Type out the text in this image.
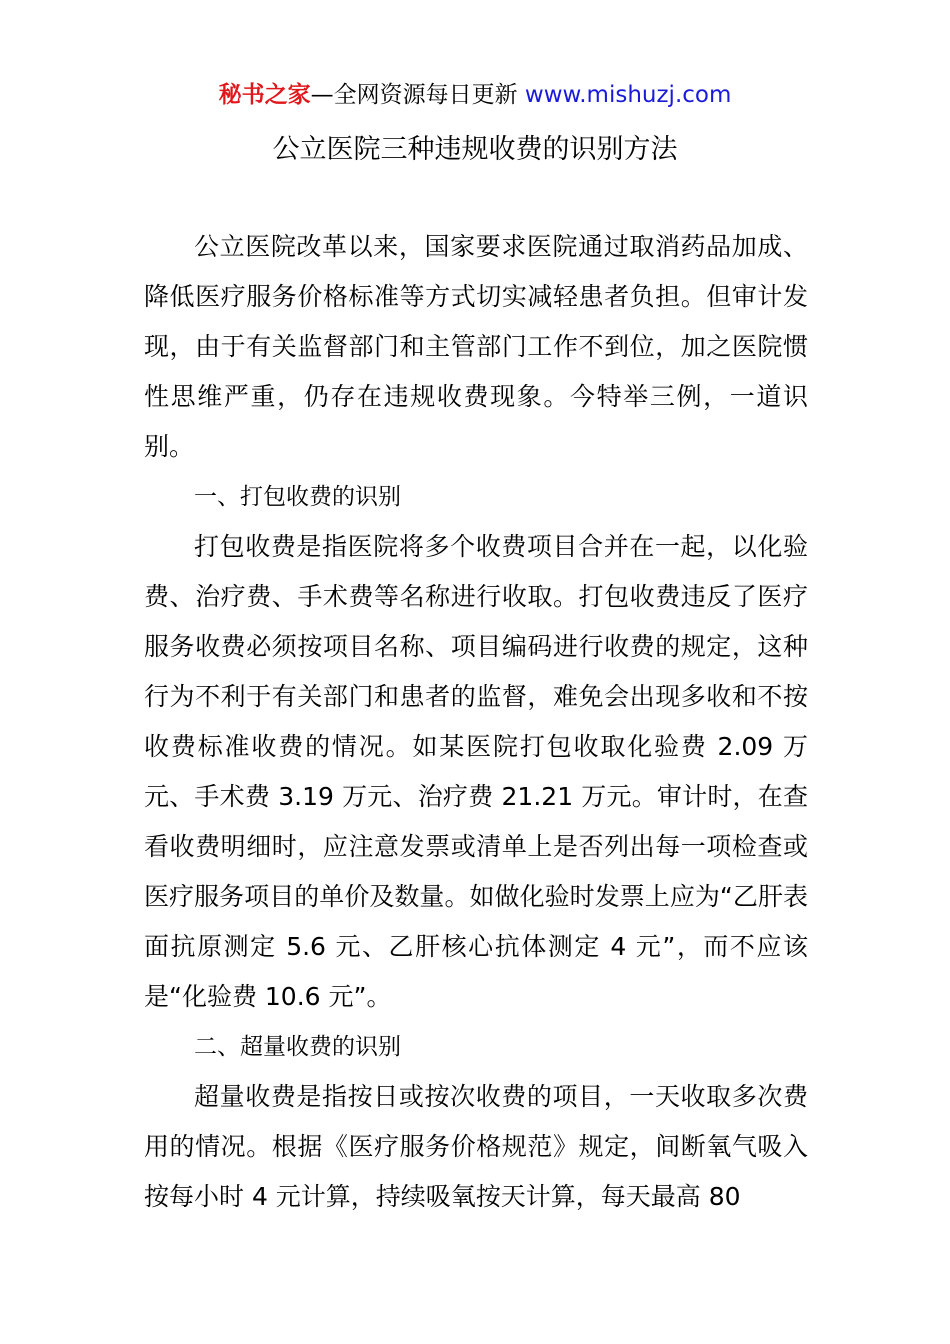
秘书之家—全网资源每日更新 www.mishuzj.com
公立医院三种违规收费的识别方法

公立医院改革以来，国家要求医院通过取消药品加成、降低医疗服务价格标准等方式切实减轻患者负担。但审计发现，由于有关监督部门和主管部门工作不到位，加之医院惯性思维严重，仍存在违规收费现象。今特举三例，一道识别。

一、打包收费的识别

打包收费是指医院将多个收费项目合并在一起，以化验费、治疗费、手术费等名称进行收取。打包收费违反了医疗服务收费必须按项目名称、项目编码进行收费的规定，这种行为不利于有关部门和患者的监督，难免会出现多收和不按收费标准收费的情况。如某医院打包收取化验费 2.09 万元、手术费 3.19 万元、治疗费 21.21 万元。审计时，在查看收费明细时，应注意发票或清单上是否列出每一项检查或医疗服务项目的单价及数量。如做化验时发票上应为“乙肝表面抗原测定 5.6 元、乙肝核心抗体测定 4 元”，而不应该是“化验费 10.6 元”。

二、超量收费的识别

超量收费是指按日或按次收费的项目，一天收取多次费用的情况。根据《医疗服务价格规范》规定，间断氧气吸入按每小时 4 元计算，持续吸氧按天计算，每天最高 80
